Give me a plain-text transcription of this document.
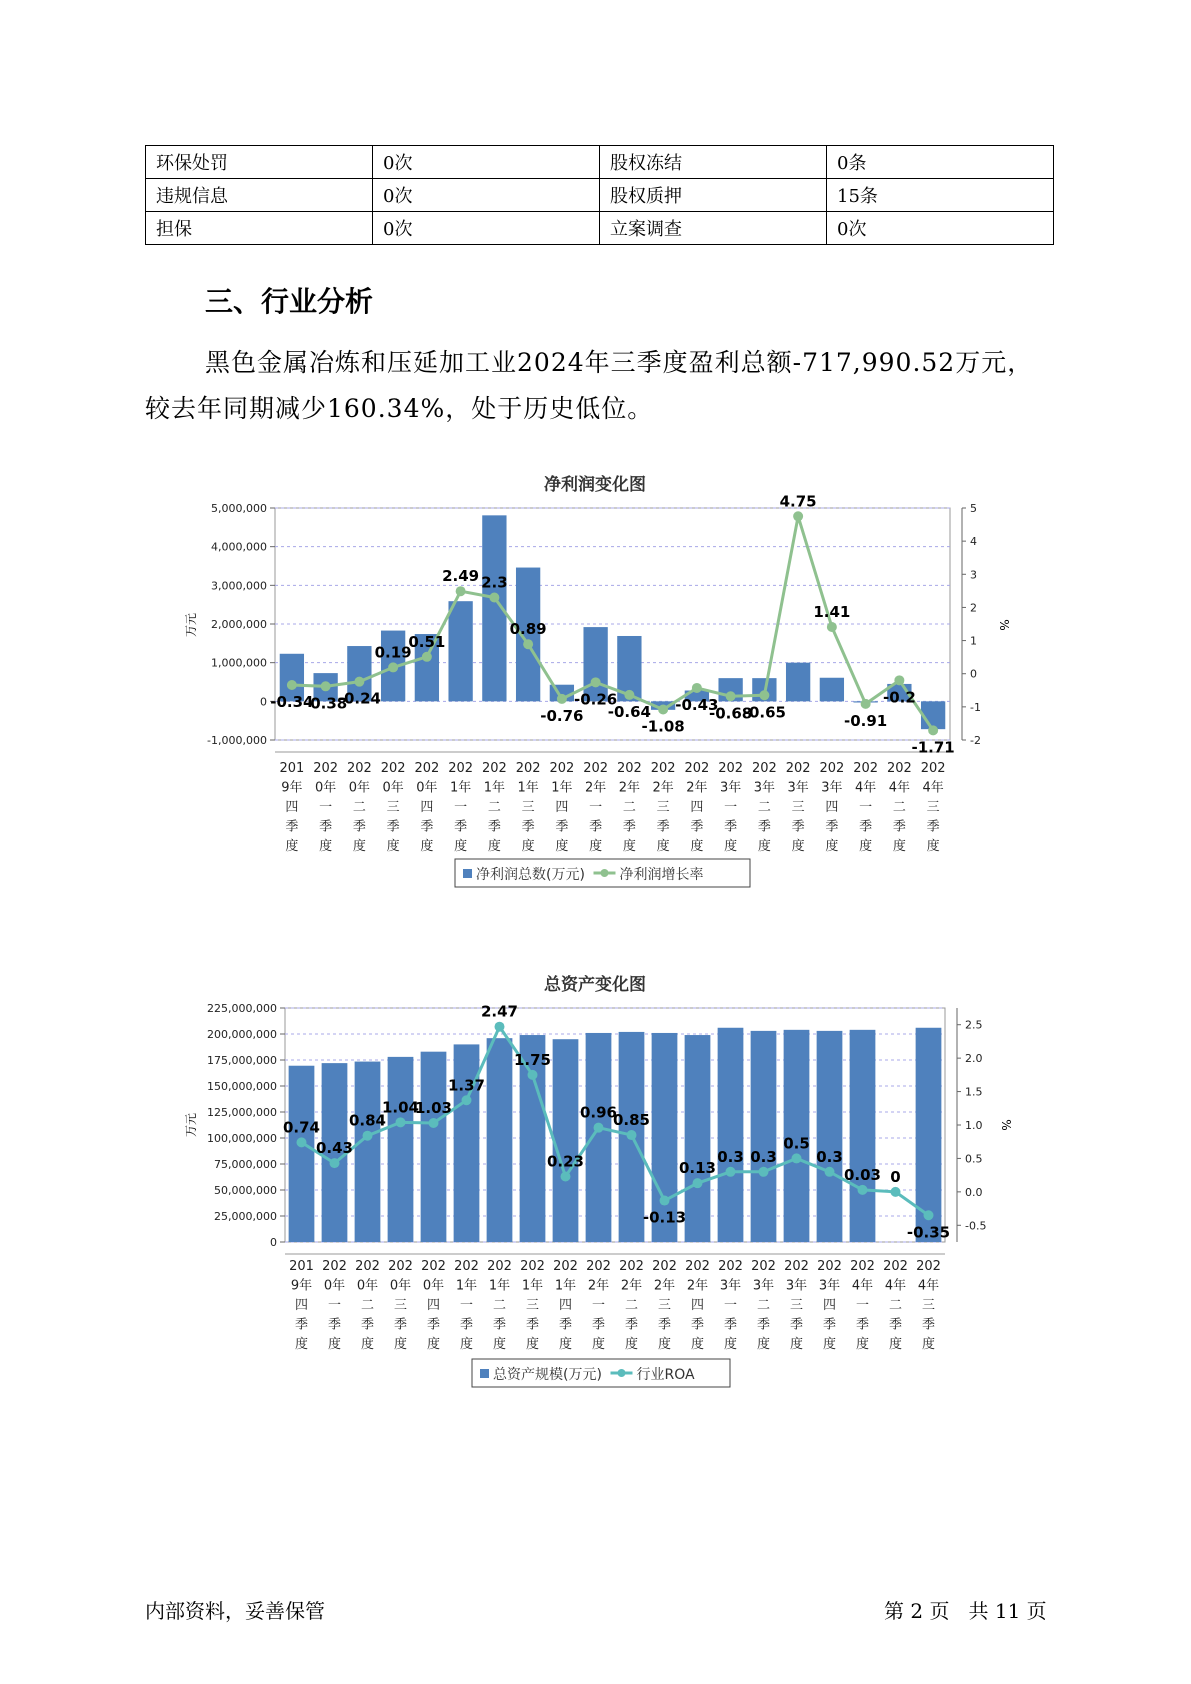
环保处罚	0次	股权冻结	0条
违规信息	0次	股权质押	15条
担保	0次	立案调查	0次
三、行业分析

黑色金属冶炼和压延加工业2024年三季度盈利总额-717,990.52万元，较去年同期减少160.34%，处于历史低位。

净利润变化图
5,000,000
4,000,000
3,000,000
2,000,000
1,000,000
0
-1,000,000
5
4
3
2
1
0
-1
-2
万元	%
201
9年
四
季
度
202
0年
一
季
度
202
0年
二
季
度
202
0年
三
季
度
202
0年
四
季
度
202
1年
一
季
度
202
1年
二
季
度
202
1年
三
季
度
202
1年
四
季
度
202
2年
一
季
度
202
2年
二
季
度
202
2年
三
季
度
202
2年
四
季
度
202
3年
一
季
度
202
3年
二
季
度
202
3年
三
季
度
202
3年
四
季
度
202
4年
一
季
度
202
4年
二
季
度
202
4年
三
季
度
-0.34
-0.38
-0.24
0.19
0.51
2.49 2.3
0.89
-0.76
-0.26
-0.64
-1.08
-0.43
-0.68
-0.65
4.75
1.41
-0.91
-0.2
-1.71
净利润总数(万元) 净利润增长率
总资产变化图
225,000,000
200,000,000
175,000,000
150,000,000
125,000,000
100,000,000
75,000,000
50,000,000
25,000,000
0
2.5
2.0
1.5
1.0
0.5
0.0
-0.5
万元	%
201
9年
四
季
度
202
0年
一
季
度
202
0年
二
季
度
202
0年
三
季
度
202
0年
四
季
度
202
1年
一
季
度
202
1年
二
季
度
202
1年
三
季
度
202
1年
四
季
度
202
2年
一
季
度
202
2年
二
季
度
202
2年
三
季
度
202
2年
四
季
度
202
3年
一
季
度
202
3年
二
季
度
202
3年
三
季
度
202
3年
四
季
度
202
4年
一
季
度
202
4年
二
季
度
202
4年
三
季
度
0.74
0.43
0.84
1.04
1.03
1.37
2.47
1.75
0.23
0.96
0.85
-0.13
0.13
0.3 0.3
0.5
0.3
0.03 0
-0.35
总资产规模(万元) 行业ROA
内部资料，妥善保管	第 2 页   共 11 页
